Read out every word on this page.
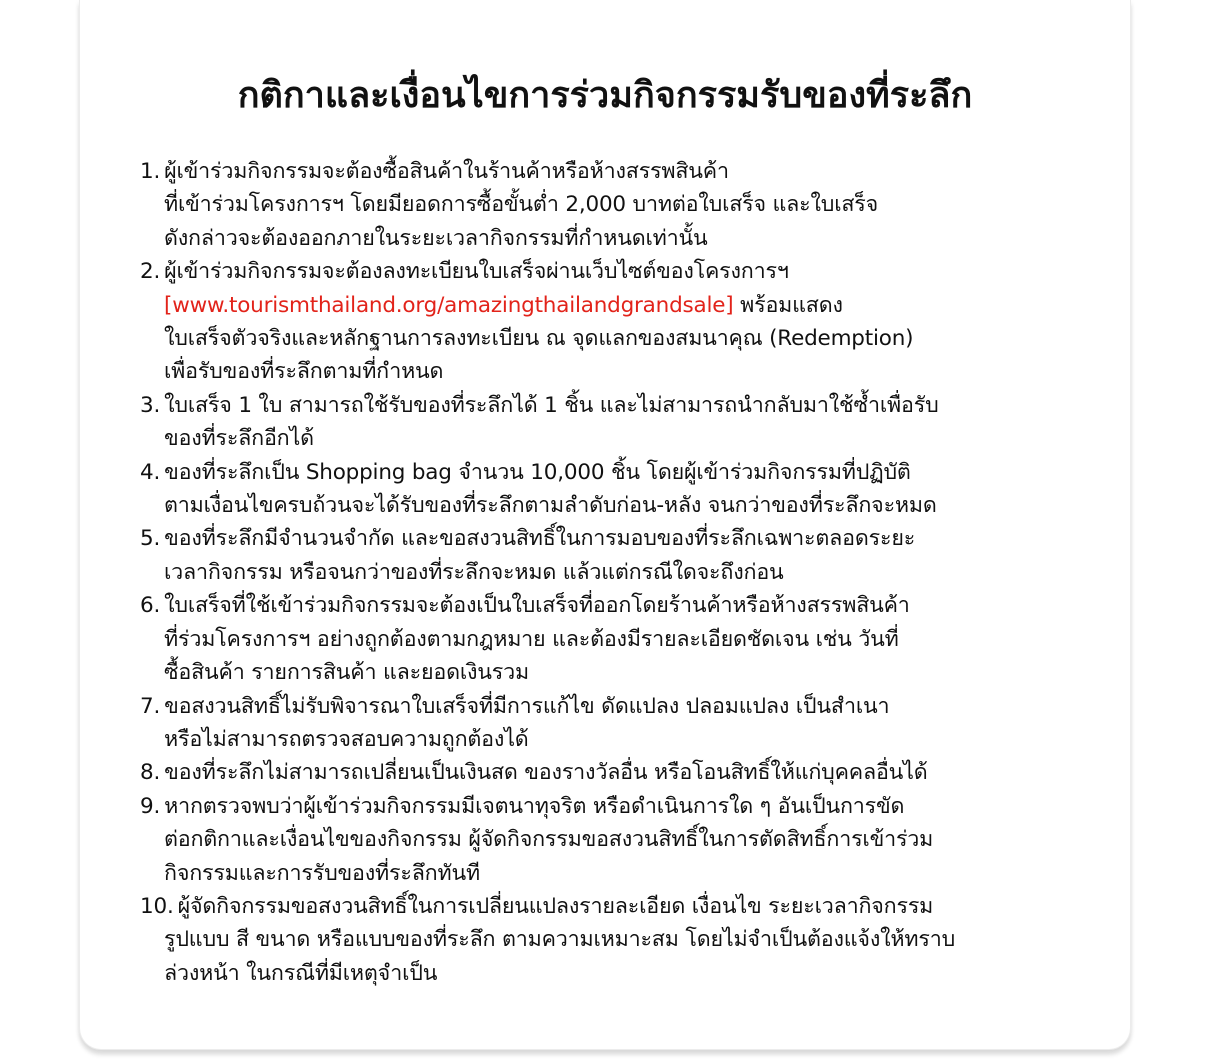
กติกาและเงื่อนไขการร่วมกิจกรรมรับของที่ระลึก
1. ผู้เข้าร่วมกิจกรรมจะต้องซื้อสินค้าในร้านค้าหรือห้างสรรพสินค้า
ที่เข้าร่วมโครงการฯ โดยมียอดการซื้อขั้นต่ำ 2,000 บาทต่อใบเสร็จ และใบเสร็จ
ดังกล่าวจะต้องออกภายในระยะเวลากิจกรรมที่กำหนดเท่านั้น
2. ผู้เข้าร่วมกิจกรรมจะต้องลงทะเบียนใบเสร็จผ่านเว็บไซต์ของโครงการฯ
[www.tourismthailand.org/amazingthailandgrandsale] พร้อมแสดง
ใบเสร็จตัวจริงและหลักฐานการลงทะเบียน ณ จุดแลกของสมนาคุณ (Redemption)
เพื่อรับของที่ระลึกตามที่กำหนด
3. ใบเสร็จ 1 ใบ สามารถใช้รับของที่ระลึกได้ 1 ชิ้น และไม่สามารถนำกลับมาใช้ซ้ำเพื่อรับ
ของที่ระลึกอีกได้
4. ของที่ระลึกเป็น Shopping bag จำนวน 10,000 ชิ้น โดยผู้เข้าร่วมกิจกรรมที่ปฏิบัติ
ตามเงื่อนไขครบถ้วนจะได้รับของที่ระลึกตามลำดับก่อน-หลัง จนกว่าของที่ระลึกจะหมด
5. ของที่ระลึกมีจำนวนจำกัด และขอสงวนสิทธิ์ในการมอบของที่ระลึกเฉพาะตลอดระยะ
เวลากิจกรรม หรือจนกว่าของที่ระลึกจะหมด แล้วแต่กรณีใดจะถึงก่อน
6. ใบเสร็จที่ใช้เข้าร่วมกิจกรรมจะต้องเป็นใบเสร็จที่ออกโดยร้านค้าหรือห้างสรรพสินค้า
ที่ร่วมโครงการฯ อย่างถูกต้องตามกฎหมาย และต้องมีรายละเอียดชัดเจน เช่น วันที่
ซื้อสินค้า รายการสินค้า และยอดเงินรวม
7. ขอสงวนสิทธิ์ไม่รับพิจารณาใบเสร็จที่มีการแก้ไข ดัดแปลง ปลอมแปลง เป็นสำเนา
หรือไม่สามารถตรวจสอบความถูกต้องได้
8. ของที่ระลึกไม่สามารถเปลี่ยนเป็นเงินสด ของรางวัลอื่น หรือโอนสิทธิ์ให้แก่บุคคลอื่นได้
9. หากตรวจพบว่าผู้เข้าร่วมกิจกรรมมีเจตนาทุจริต หรือดำเนินการใด ๆ อันเป็นการขัด
ต่อกติกาและเงื่อนไขของกิจกรรม ผู้จัดกิจกรรมขอสงวนสิทธิ์ในการตัดสิทธิ์การเข้าร่วม
กิจกรรมและการรับของที่ระลึกทันที
10. ผู้จัดกิจกรรมขอสงวนสิทธิ์ในการเปลี่ยนแปลงรายละเอียด เงื่อนไข ระยะเวลากิจกรรม
รูปแบบ สี ขนาด หรือแบบของที่ระลึก ตามความเหมาะสม โดยไม่จำเป็นต้องแจ้งให้ทราบ
ล่วงหน้า ในกรณีที่มีเหตุจำเป็น
